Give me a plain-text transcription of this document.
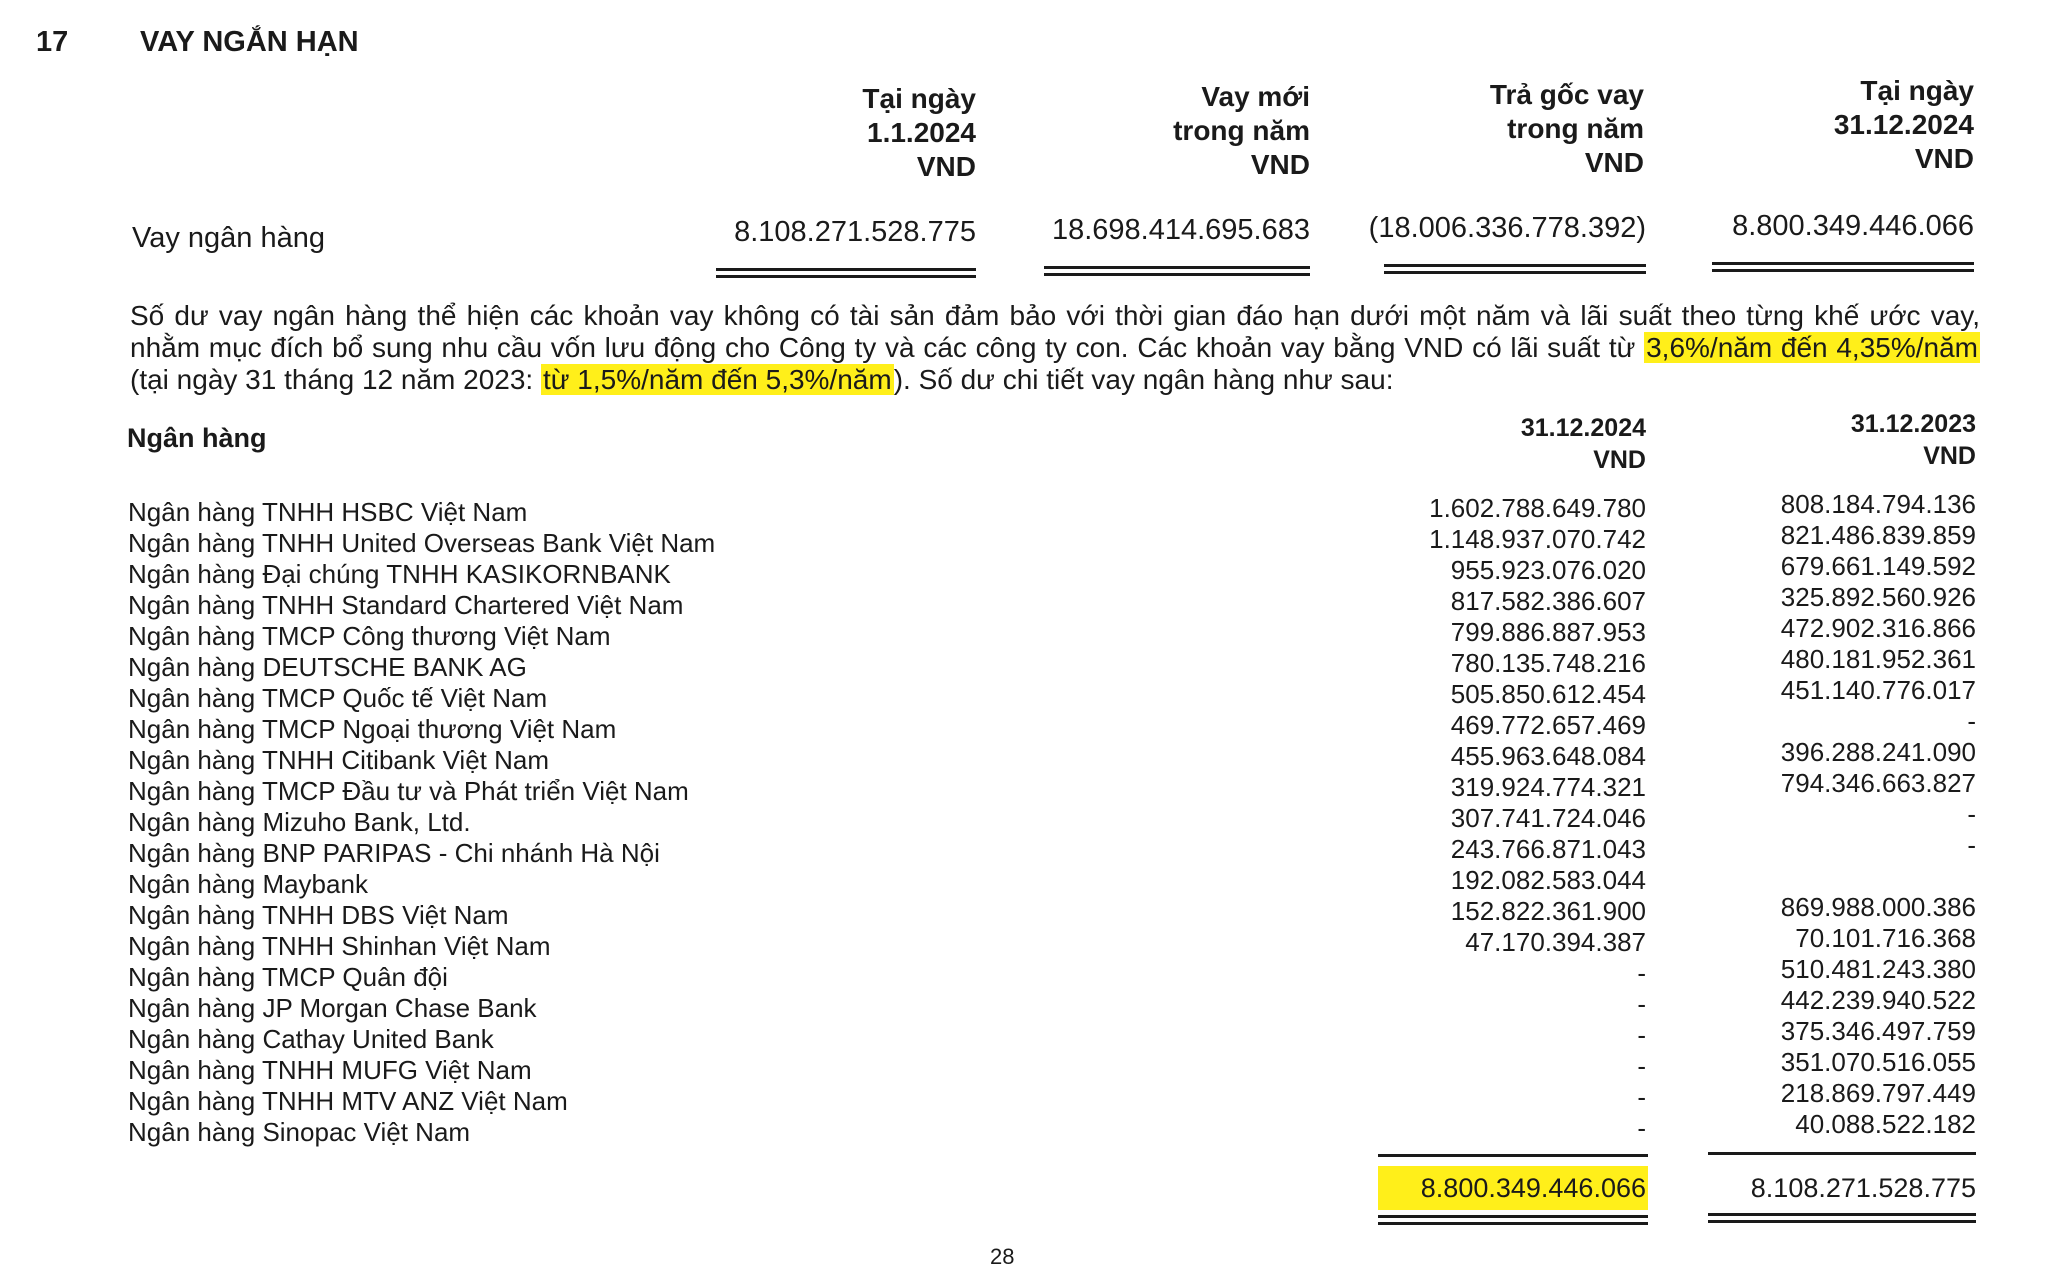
17 VAY NGẮN HẠN
Tại ngày
1.1.2024
VND
Vay mới
trong năm
VND
Trả gốc vay
trong năm
VND
Tại ngày
31.12.2024
VND
Vay ngân hàng	8.108.271.528.775	18.698.414.695.683	(18.006.336.778.392)	8.800.349.446.066
Số dư vay ngân hàng thể hiện các khoản vay không có tài sản đảm bảo với thời gian đáo hạn dưới một năm và lãi suất theo từng khế ước vay, nhằm mục đích bổ sung nhu cầu vốn lưu động cho Công ty và các công ty con. Các khoản vay bằng VND có lãi suất từ 3,6%/năm đến 4,35%/năm (tại ngày 31 tháng 12 năm 2023: từ 1,5%/năm đến 5,3%/năm). Số dư chi tiết vay ngân hàng như sau:
Ngân hàng	31.12.2024
VND
31.12.2023
VND
Ngân hàng TNHH HSBC Việt Nam	1.602.788.649.780	808.184.794.136
Ngân hàng TNHH United Overseas Bank Việt Nam	1.148.937.070.742	821.486.839.859
Ngân hàng Đại chúng TNHH KASIKORNBANK	955.923.076.020	679.661.149.592
Ngân hàng TNHH Standard Chartered Việt Nam	817.582.386.607	325.892.560.926
Ngân hàng TMCP Công thương Việt Nam	799.886.887.953	472.902.316.866
Ngân hàng DEUTSCHE BANK AG	780.135.748.216	480.181.952.361
Ngân hàng TMCP Quốc tế Việt Nam	505.850.612.454	451.140.776.017
Ngân hàng TMCP Ngoại thương Việt Nam	469.772.657.469	-
Ngân hàng TNHH Citibank Việt Nam	455.963.648.084	396.288.241.090
Ngân hàng TMCP Đầu tư và Phát triển Việt Nam	319.924.774.321	794.346.663.827
Ngân hàng Mizuho Bank, Ltd.	307.741.724.046	-
Ngân hàng BNP PARIPAS - Chi nhánh Hà Nội	243.766.871.043	-
Ngân hàng Maybank	192.082.583.044
Ngân hàng TNHH DBS Việt Nam	152.822.361.900	869.988.000.386
Ngân hàng TNHH Shinhan Việt Nam	47.170.394.387	70.101.716.368
Ngân hàng TMCP Quân đội	-	510.481.243.380
Ngân hàng JP Morgan Chase Bank	-	442.239.940.522
Ngân hàng Cathay United Bank	-	375.346.497.759
Ngân hàng TNHH MUFG Việt Nam	-	351.070.516.055
Ngân hàng TNHH MTV ANZ Việt Nam	-	218.869.797.449
Ngân hàng Sinopac Việt Nam	-	40.088.522.182
8.800.349.446.066	8.108.271.528.775
28
